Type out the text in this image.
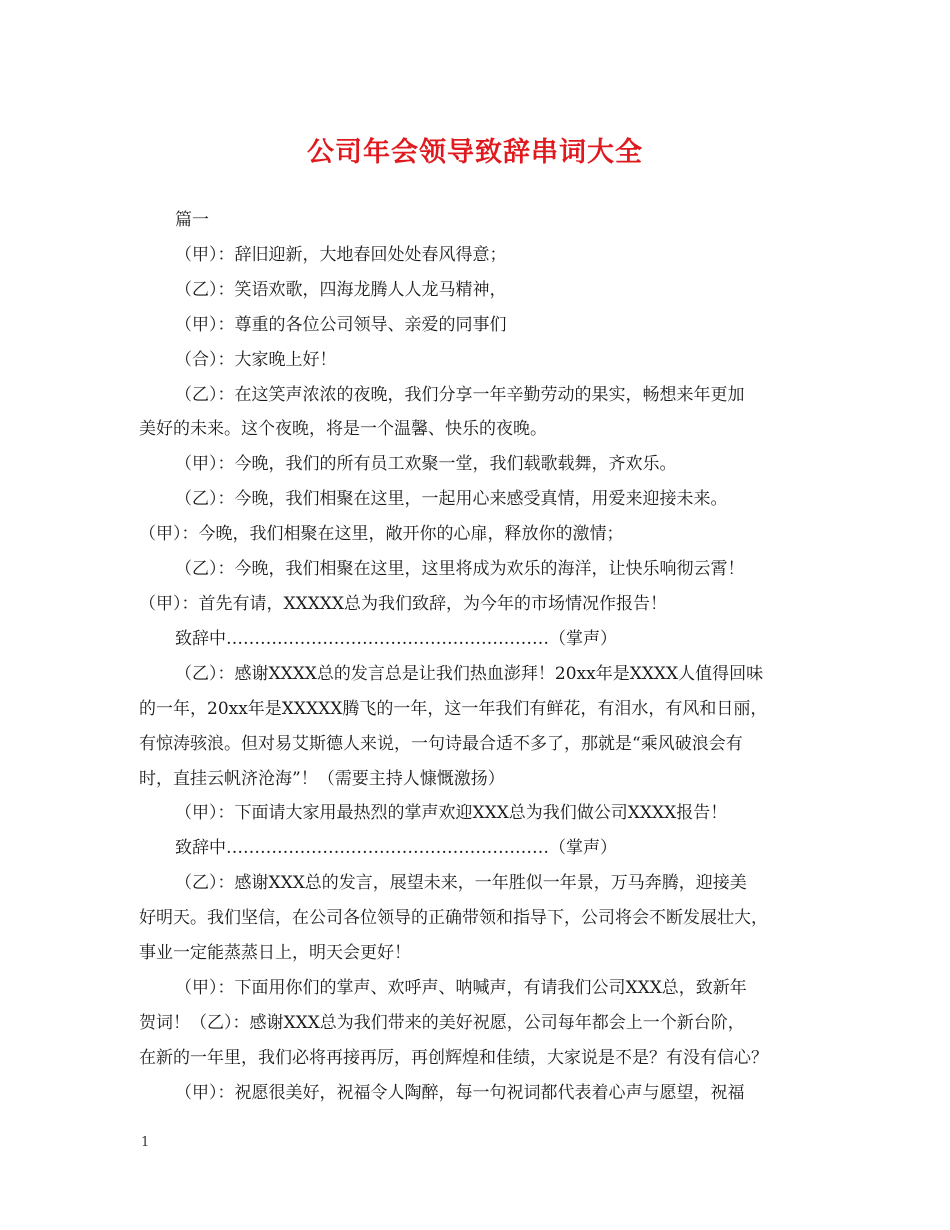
公司年会领导致辞串词大全

篇一

（甲）：辞旧迎新，大地春回处处春风得意；

（乙）：笑语欢歌，四海龙腾人人龙马精神，

（甲）：尊重的各位公司领导、亲爱的同事们

（合）：大家晚上好！

（乙）：在这笑声浓浓的夜晚，我们分享一年辛勤劳动的果实，畅想来年更加

美好的未来。这个夜晚，将是一个温馨、快乐的夜晚。

（甲）：今晚，我们的所有员工欢聚一堂，我们载歌载舞，齐欢乐。

（乙）：今晚，我们相聚在这里，一起用心来感受真情，用爱来迎接未来。

（甲）：今晚，我们相聚在这里，敞开你的心扉，释放你的激情；

（乙）：今晚，我们相聚在这里，这里将成为欢乐的海洋，让快乐响彻云霄！

（甲）：首先有请，XXXXX总为我们致辞，为今年的市场情况作报告！

致辞中…………………………………………………（掌声）

（乙）：感谢XXXX总的发言总是让我们热血澎拜！20xx年是XXXX人值得回味

的一年，20xx年是XXXXX腾飞的一年，这一年我们有鲜花，有泪水，有风和日丽，

有惊涛骇浪。但对易艾斯德人来说，一句诗最合适不多了，那就是“乘风破浪会有

时，直挂云帆济沧海”！（需要主持人慷慨激扬）

（甲）：下面请大家用最热烈的掌声欢迎XXX总为我们做公司XXXX报告！

致辞中…………………………………………………（掌声）

（乙）：感谢XXX总的发言，展望未来，一年胜似一年景，万马奔腾，迎接美

好明天。我们坚信，在公司各位领导的正确带领和指导下，公司将会不断发展壮大，

事业一定能蒸蒸日上，明天会更好！

（甲）：下面用你们的掌声、欢呼声、呐喊声，有请我们公司XXX总，致新年

贺词！（乙）：感谢XXX总为我们带来的美好祝愿，公司每年都会上一个新台阶，

在新的一年里，我们必将再接再厉，再创辉煌和佳绩，大家说是不是？有没有信心？

（甲）：祝愿很美好，祝福令人陶醉，每一句祝词都代表着心声与愿望，祝福

1
